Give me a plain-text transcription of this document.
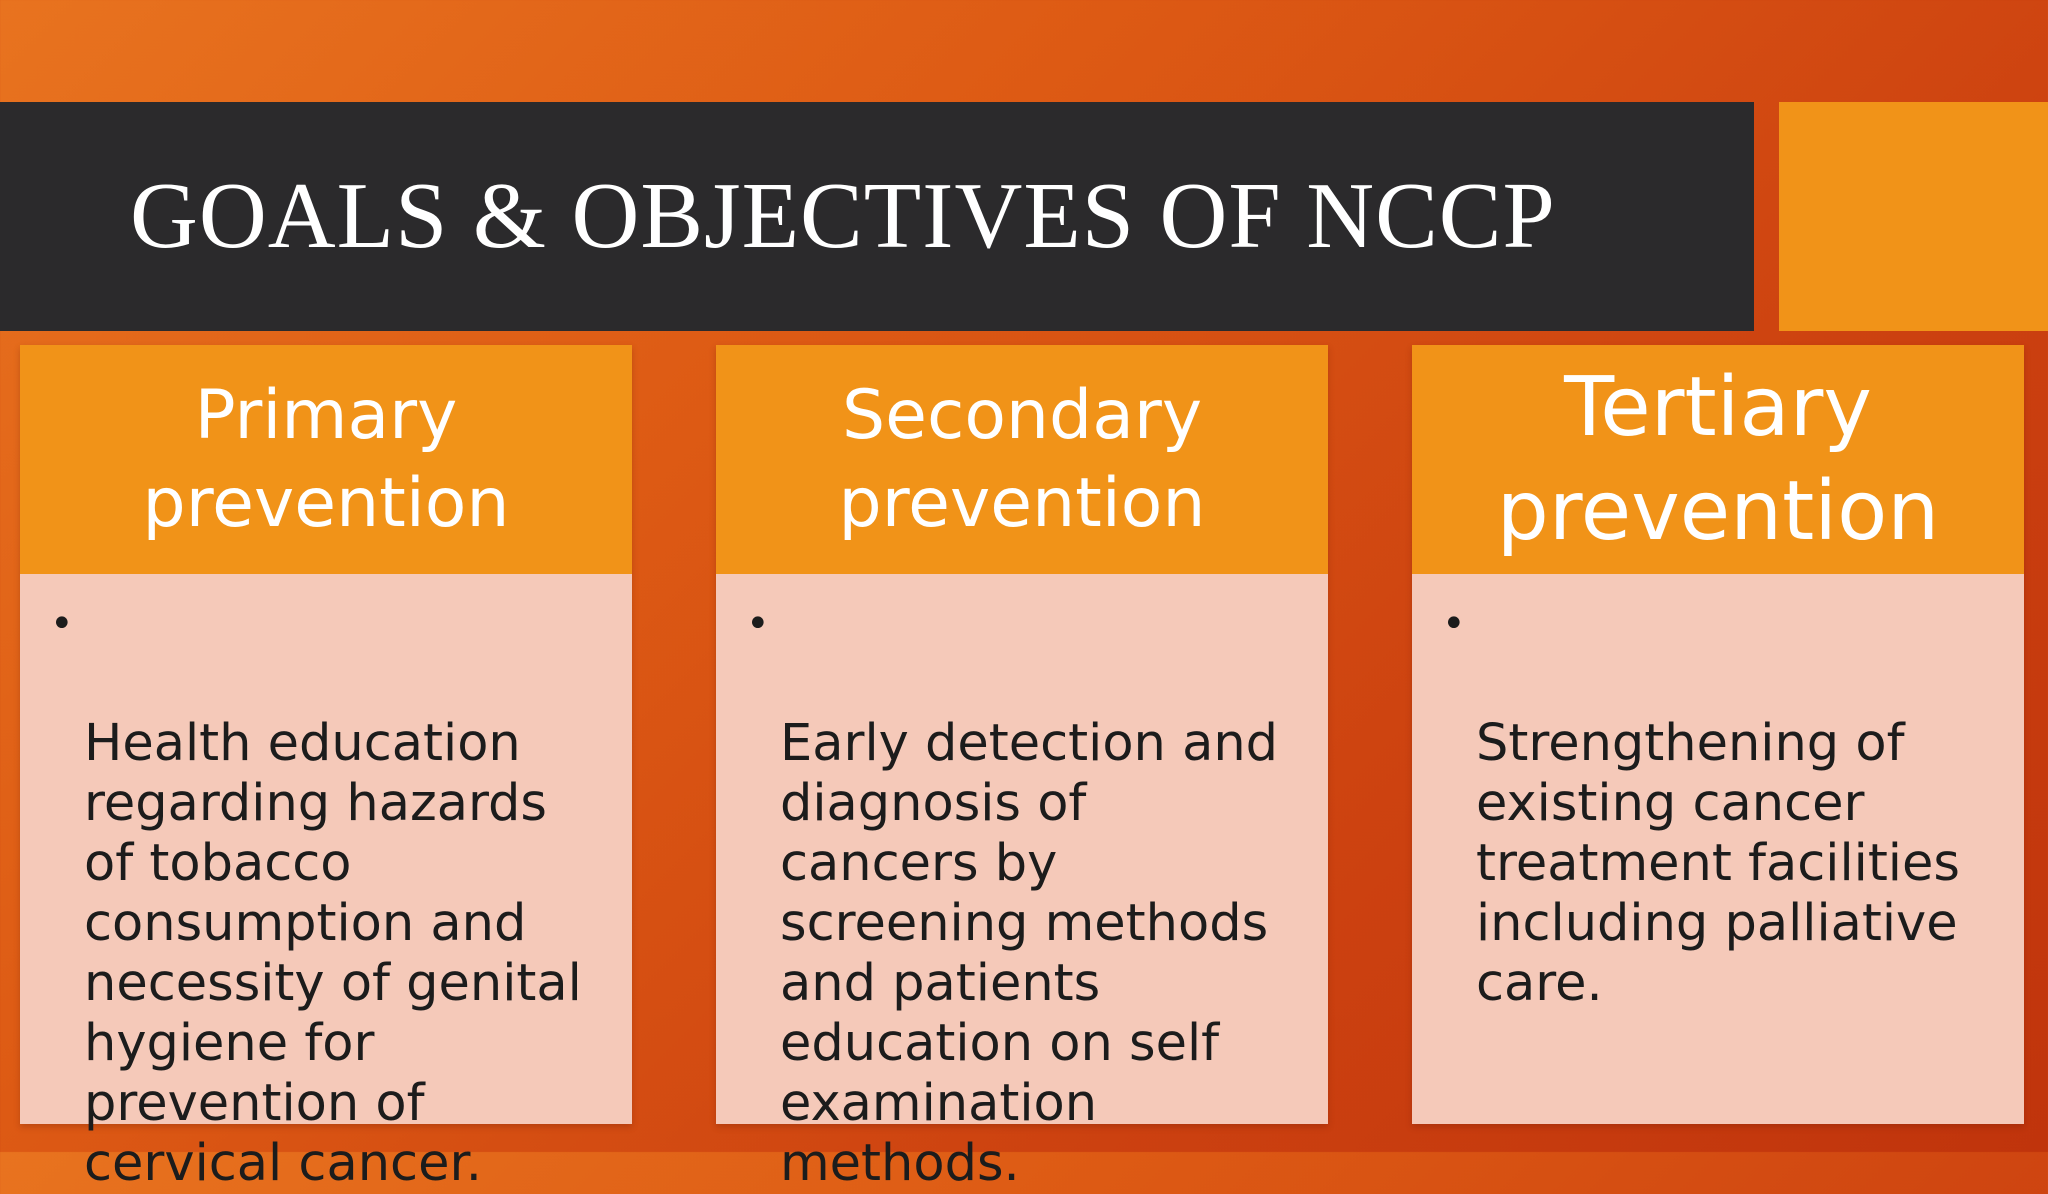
GOALS & OBJECTIVES OF NCCP
Primary
prevention

•

Health education
regarding hazards
of tobacco
consumption and
necessity of genital
hygiene for
prevention of
cervical cancer.

Secondary
prevention

•

Early detection and
diagnosis of
cancers by
screening methods
and patients
education on self
examination
methods.

Tertiary
prevention

•

Strengthening of
existing cancer
treatment facilities
including palliative
care.
